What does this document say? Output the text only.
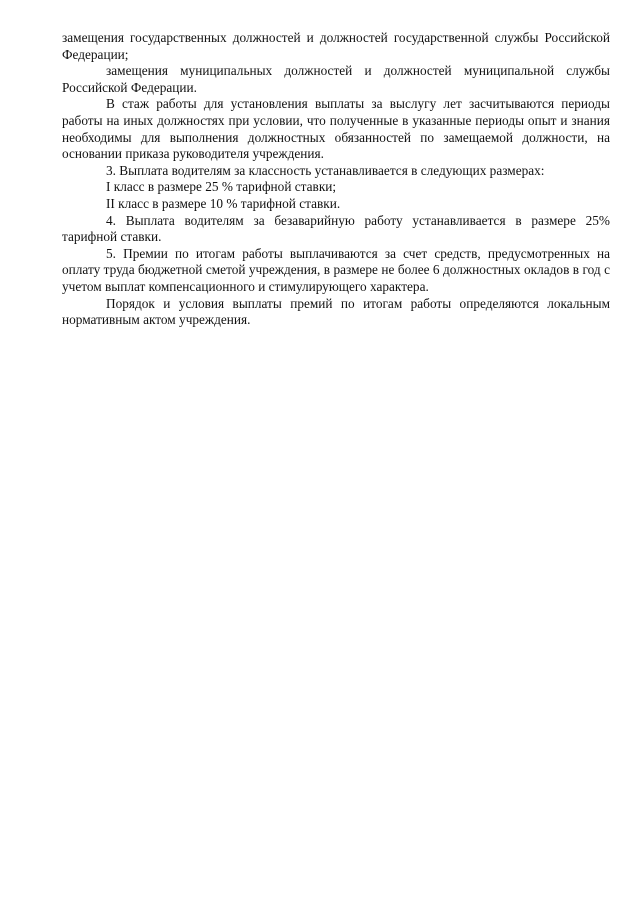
замещения государственных должностей и должностей государственной службы Российской Федерации;

замещения муниципальных должностей и должностей муниципальной службы Российской Федерации.

В стаж работы для установления выплаты за выслугу лет засчитываются периоды работы на иных должностях при условии, что полученные в указанные периоды опыт и знания необходимы для выполнения должностных обязанностей по замещаемой должности, на основании приказа руководителя учреждения.

3. Выплата водителям за классность устанавливается в следующих размерах:

I класс в размере 25 % тарифной ставки;

II класс в размере 10 % тарифной ставки.

4. Выплата водителям за безаварийную работу устанавливается в размере 25% тарифной ставки.

5. Премии по итогам работы выплачиваются за счет средств, предусмотренных на оплату труда бюджетной сметой учреждения, в размере не более 6 должностных окладов в год с учетом выплат компенсационного и стимулирующего характера.

Порядок и условия выплаты премий по итогам работы определяются локальным нормативным актом учреждения.
